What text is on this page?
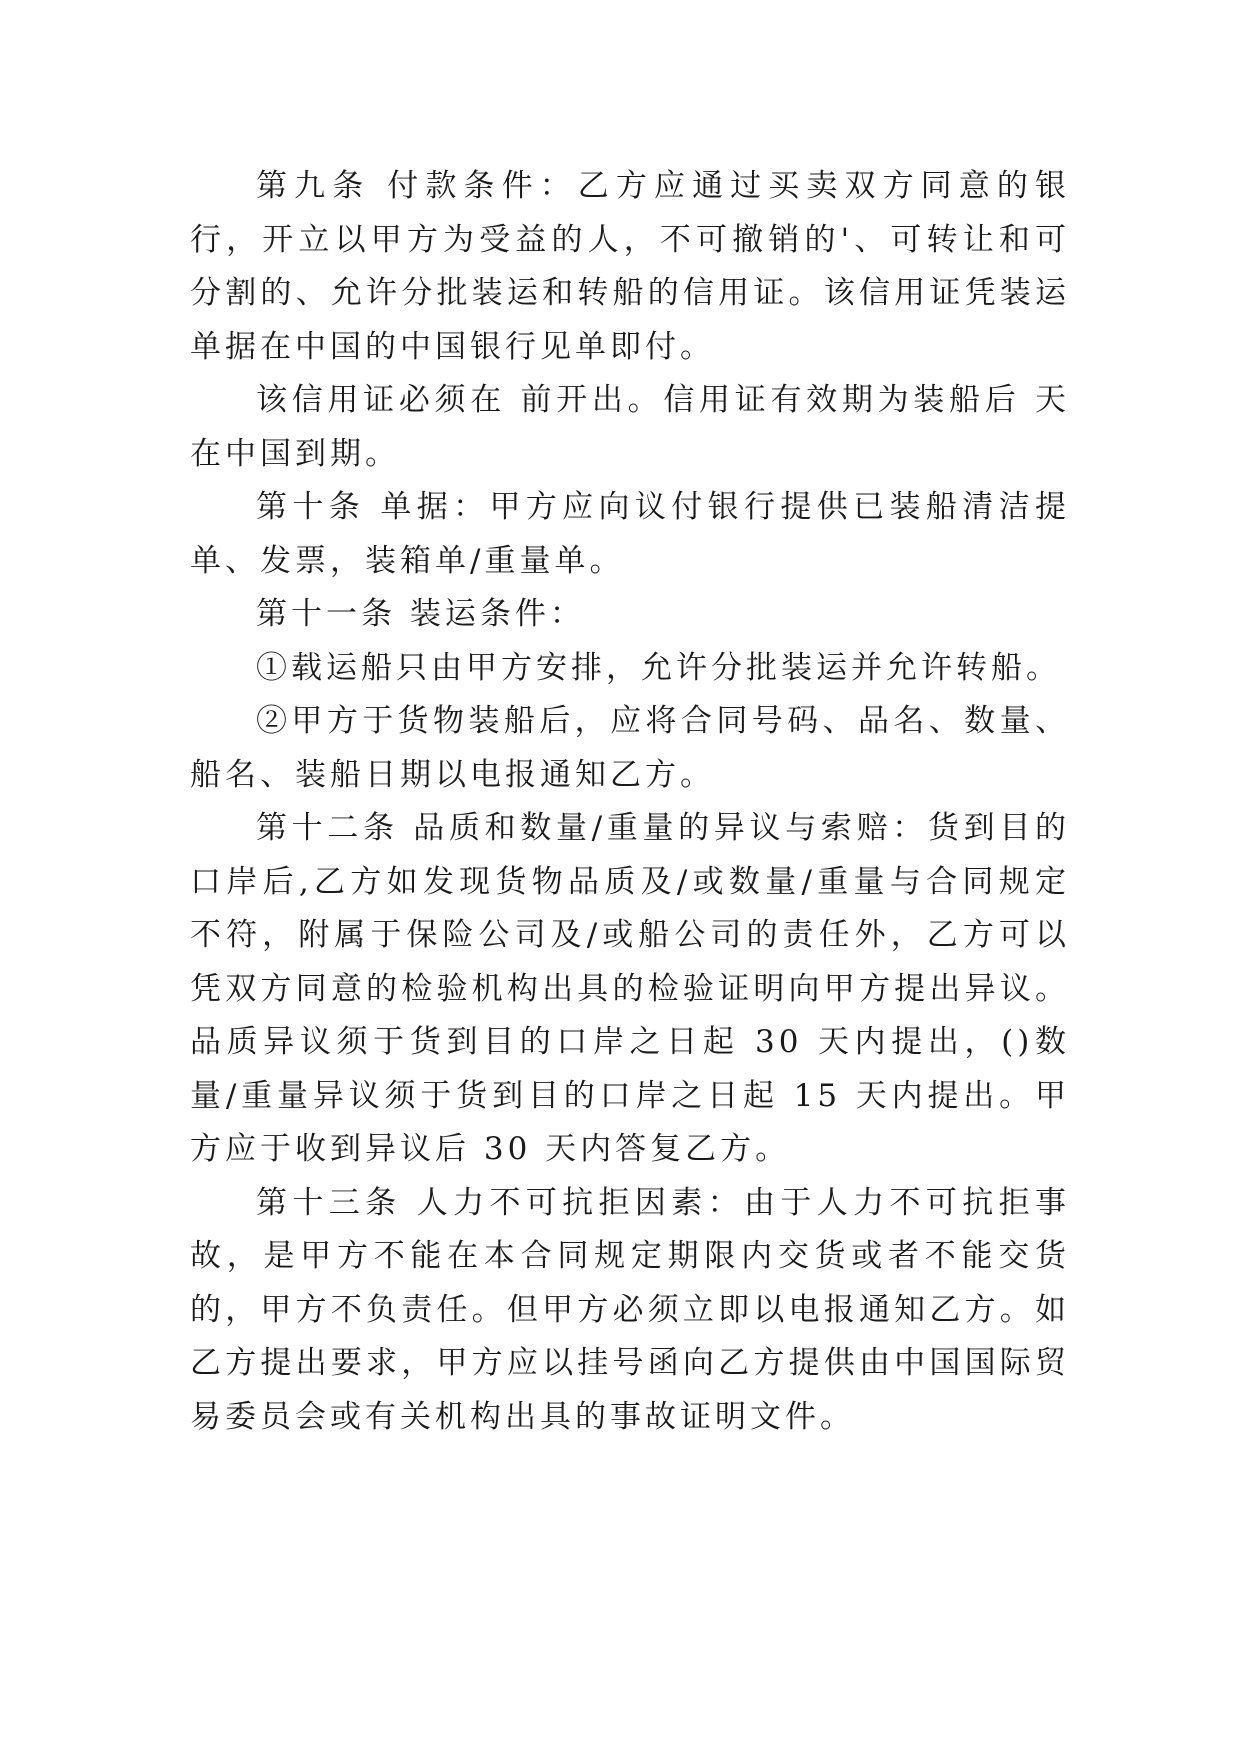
第九条 付款条件：乙方应通过买卖双方同意的银行，开立以甲方为受益的人，不可撤销的'、可转让和可分割的、允许分批装运和转船的信用证。该信用证凭装运单据在中国的中国银行见单即付。

该信用证必须在 前开出。信用证有效期为装船后 天在中国到期。

第十条 单据：甲方应向议付银行提供已装船清洁提单、发票，装箱单/重量单。

第十一条 装运条件：

①载运船只由甲方安排，允许分批装运并允许转船。

②甲方于货物装船后，应将合同号码、品名、数量、船名、装船日期以电报通知乙方。

第十二条 品质和数量/重量的异议与索赔：货到目的口岸后,乙方如发现货物品质及/或数量/重量与合同规定不符，附属于保险公司及/或船公司的责任外，乙方可以凭双方同意的检验机构出具的检验证明向甲方提出异议。品质异议须于货到目的口岸之日起 30 天内提出，()数量/重量异议须于货到目的口岸之日起 15 天内提出。甲方应于收到异议后 30 天内答复乙方。

第十三条 人力不可抗拒因素：由于人力不可抗拒事故，是甲方不能在本合同规定期限内交货或者不能交货的，甲方不负责任。但甲方必须立即以电报通知乙方。如乙方提出要求，甲方应以挂号函向乙方提供由中国国际贸易委员会或有关机构出具的事故证明文件。
